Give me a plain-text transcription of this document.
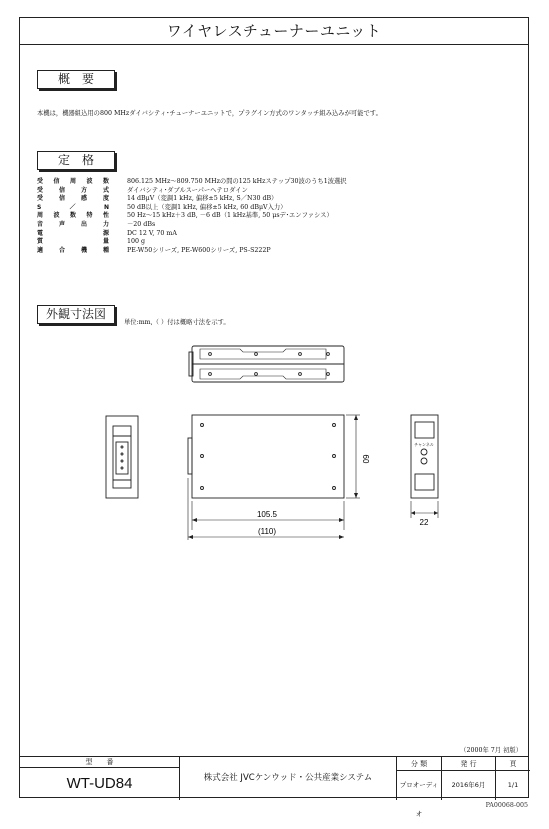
ワイヤレスチューナーユニット
概　要
本機は，機器組込用の800 MHzダイバシティ･チューナーユニットで，プラグイン方式のワンタッチ組み込みが可能です。
定　格
受 信 周 波 数	806.125 MHz～809.750 MHzの間の125 kHzステップ30波のうち1波選択
受	信	方	式	ダイバシティ･ダブルスーパーヘテロダイン
受	信	感	度	14 dBμV（変調1 kHz, 偏移±5 kHz, S／N30 dB）
S	／	N	50 dB以上（変調1 kHz, 偏移±5 kHz, 60 dBμV入力）
周 波 数 特 性	50 Hz～15 kHz＋3 dB, －6 dB（1 kHz基準, 50 μsデ･エンファシス）
音	声	出	力	－20 dBs
電	源	DC 12 V, 70 mA
質	量	100 g
適	合	機	種	PE-W50シリーズ, PE-W600シリーズ, PS-S222P
外観寸法図
単位:mm,（ ）付は概略寸法を示す。
105.5
(110)
60
22
チャンネル
（2000年 7月 初版）
型　　番
WT-UD84	株式会社 JVCケンウッド・公共産業システム
分 類
プロオーディオ
発 行
2016年6月
頁
1/1
PA00068-005
